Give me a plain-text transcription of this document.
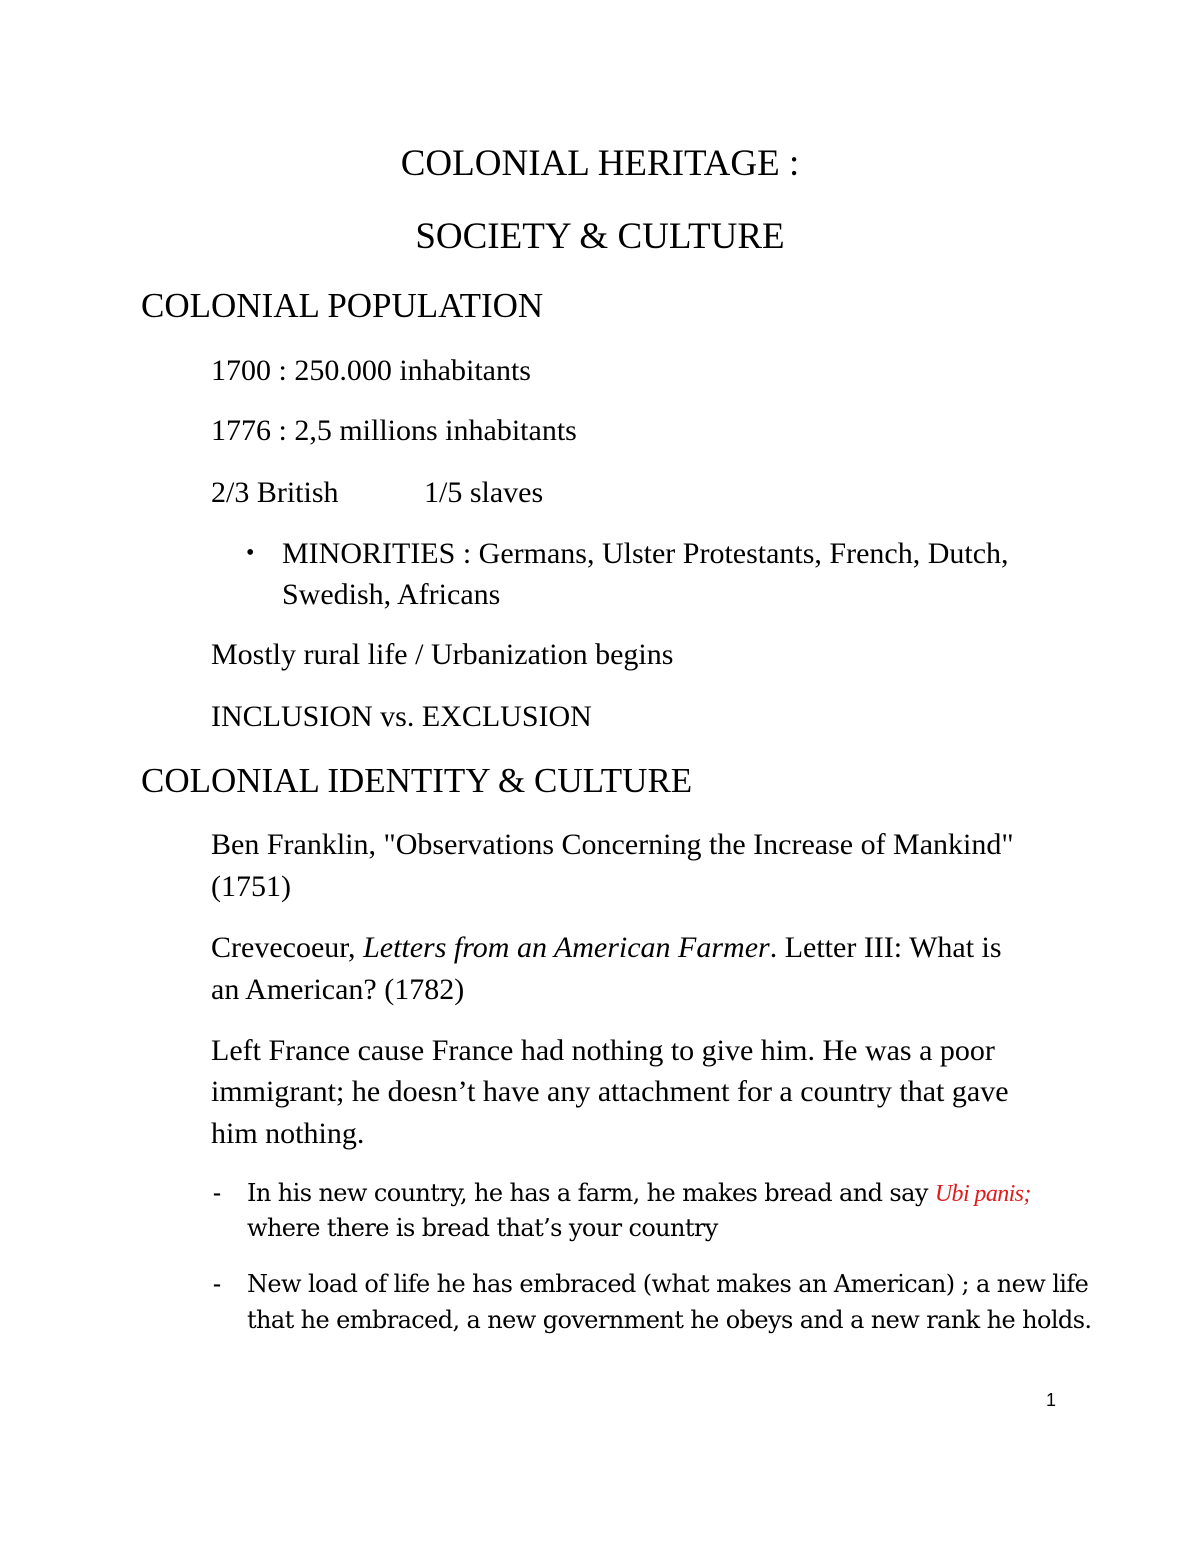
COLONIAL HERITAGE :
SOCIETY & CULTURE
COLONIAL POPULATION
1700 : 250.000 inhabitants
1776 : 2,5 millions inhabitants
2/3 British	1/5 slaves
• MINORITIES : Germans, Ulster Protestants, French, Dutch,
Swedish, Africans
Mostly rural life / Urbanization begins
INCLUSION vs. EXCLUSION
COLONIAL IDENTITY & CULTURE
Ben Franklin, "Observations Concerning the Increase of Mankind"
(1751)
Crevecoeur, Letters from an American Farmer. Letter III: What is
an American? (1782)
Left France cause France had nothing to give him. He was a poor
immigrant; he doesn’t have any attachment for a country that gave
him nothing.
- In his new country, he has a farm, he makes bread and say Ubi panis;
where there is bread that’s your country
- New load of life he has embraced (what makes an American) ; a new life
that he embraced, a new government he obeys and a new rank he holds.
1
